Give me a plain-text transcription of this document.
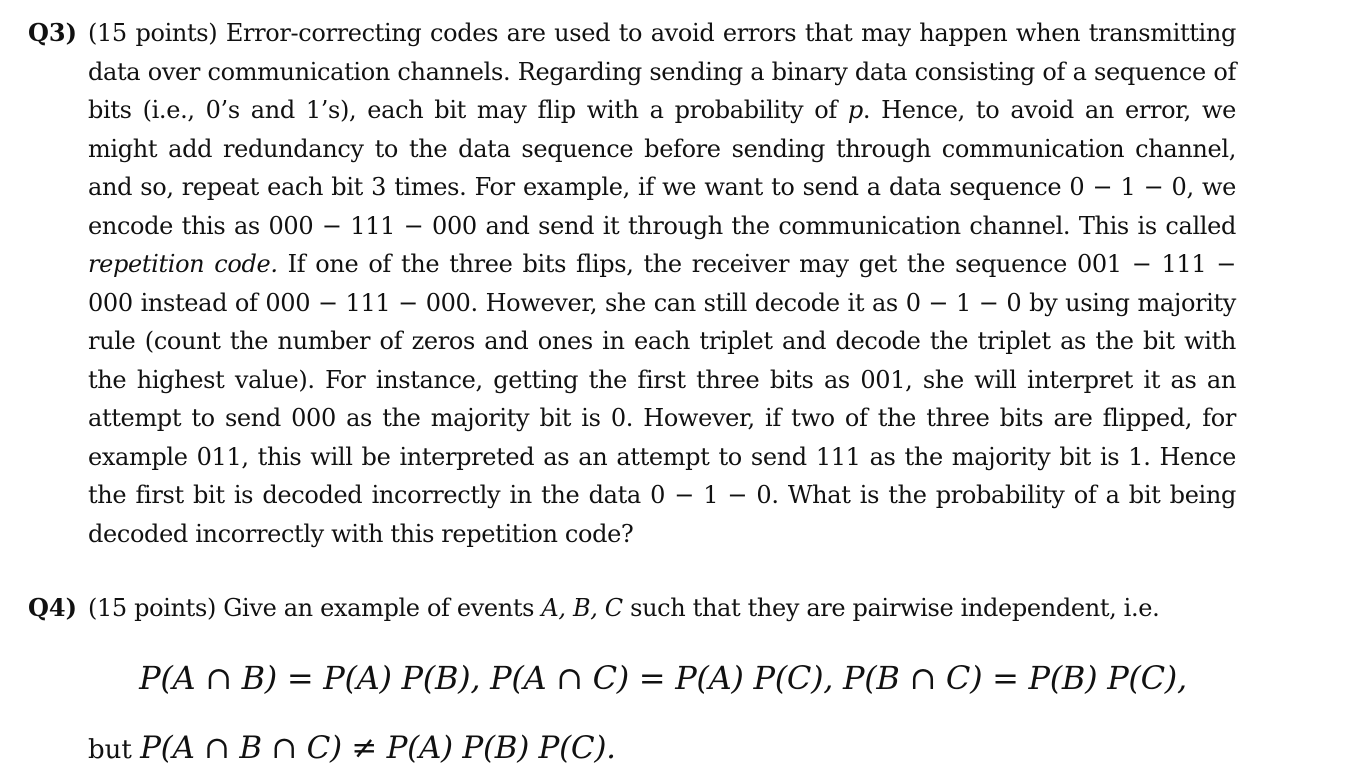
Q3) (15 points) Error-correcting codes are used to avoid errors that may happen when transmitting data over communication channels. Regarding sending a binary data consisting of a sequence of bits (i.e., 0’s and 1’s), each bit may flip with a probability of p. Hence, to avoid an error, we might add redundancy to the data sequence before sending through communication channel, and so, repeat each bit 3 times. For example, if we want to send a data sequence 0 − 1 − 0, we encode this as 000 − 111 − 000 and send it through the communication channel. This is called repetition code. If one of the three bits flips, the receiver may get the sequence 001 − 111 − 000 instead of 000 − 111 − 000. However, she can still decode it as 0 − 1 − 0 by using majority rule (count the number of zeros and ones in each triplet and decode the triplet as the bit with the highest value). For instance, getting the first three bits as 001, she will interpret it as an attempt to send 000 as the majority bit is 0. However, if two of the three bits are flipped, for example 011, this will be interpreted as an attempt to send 111 as the majority bit is 1. Hence the first bit is decoded incorrectly in the data 0 − 1 − 0. What is the probability of a bit being decoded incorrectly with this repetition code?
Q4) (15 points) Give an example of events A, B, C such that they are pairwise independent, i.e.
P(A ∩ B) = P(A) P(B), P(A ∩ C) = P(A) P(C), P(B ∩ C) = P(B) P(C),
but P(A ∩ B ∩ C) ≠ P(A) P(B) P(C).
